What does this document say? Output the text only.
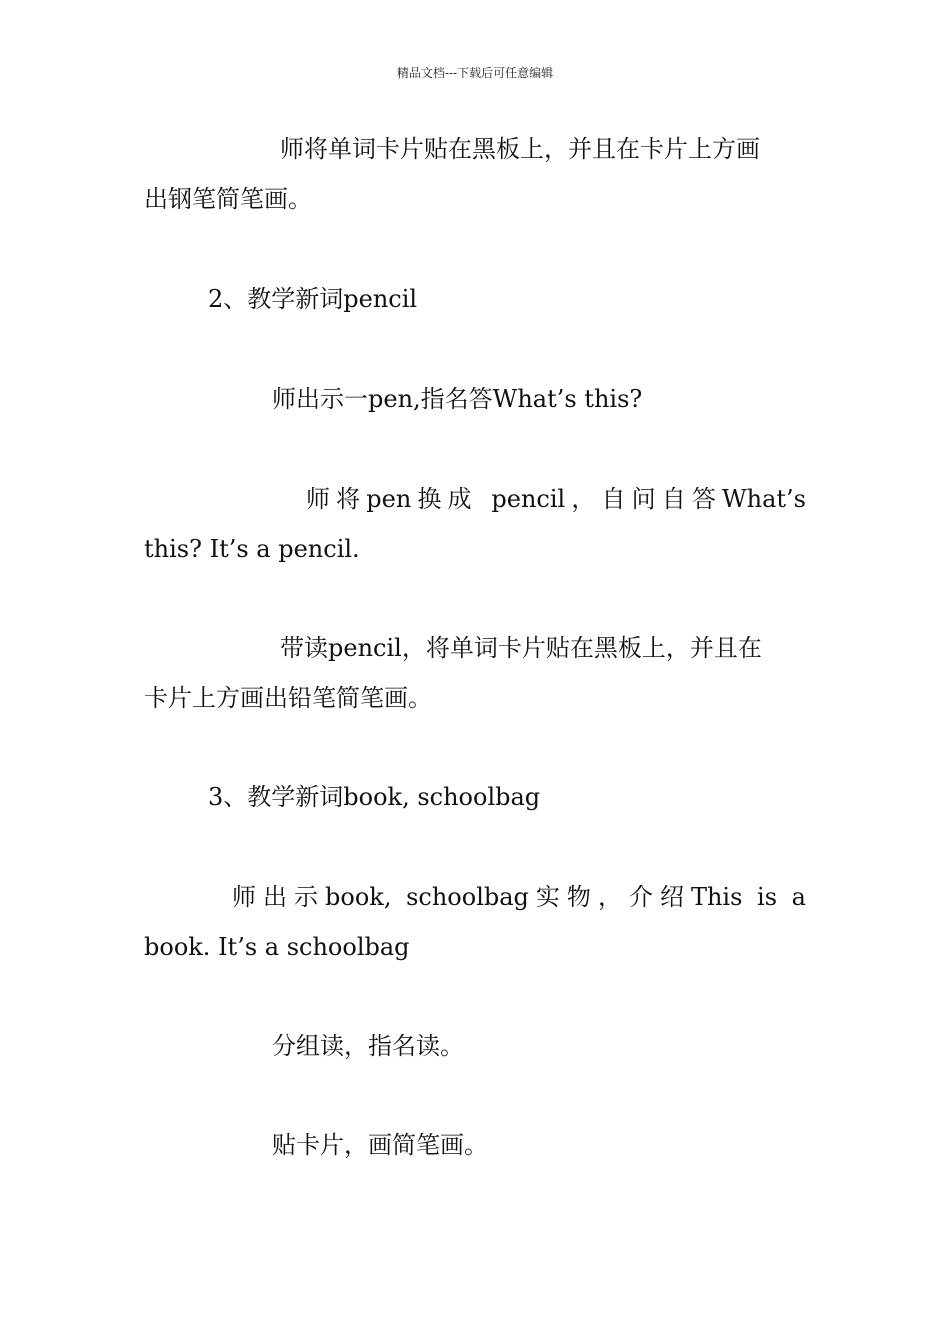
精品文档---下载后可任意编辑
师将单词卡片贴在黑板上，并且在卡片上方画
出钢笔简笔画。
2、教学新词pencil
师出示一pen,指名答What’s this?
师将pen换成 pencil，自问自答What’s
this? It’s a pencil.
带读pencil，将单词卡片贴在黑板上，并且在
卡片上方画出铅笔简笔画。
3、教学新词book, schoolbag
师出示book, schoolbag实物，介绍This is a
book. It’s a schoolbag
分组读，指名读。
贴卡片，画简笔画。
